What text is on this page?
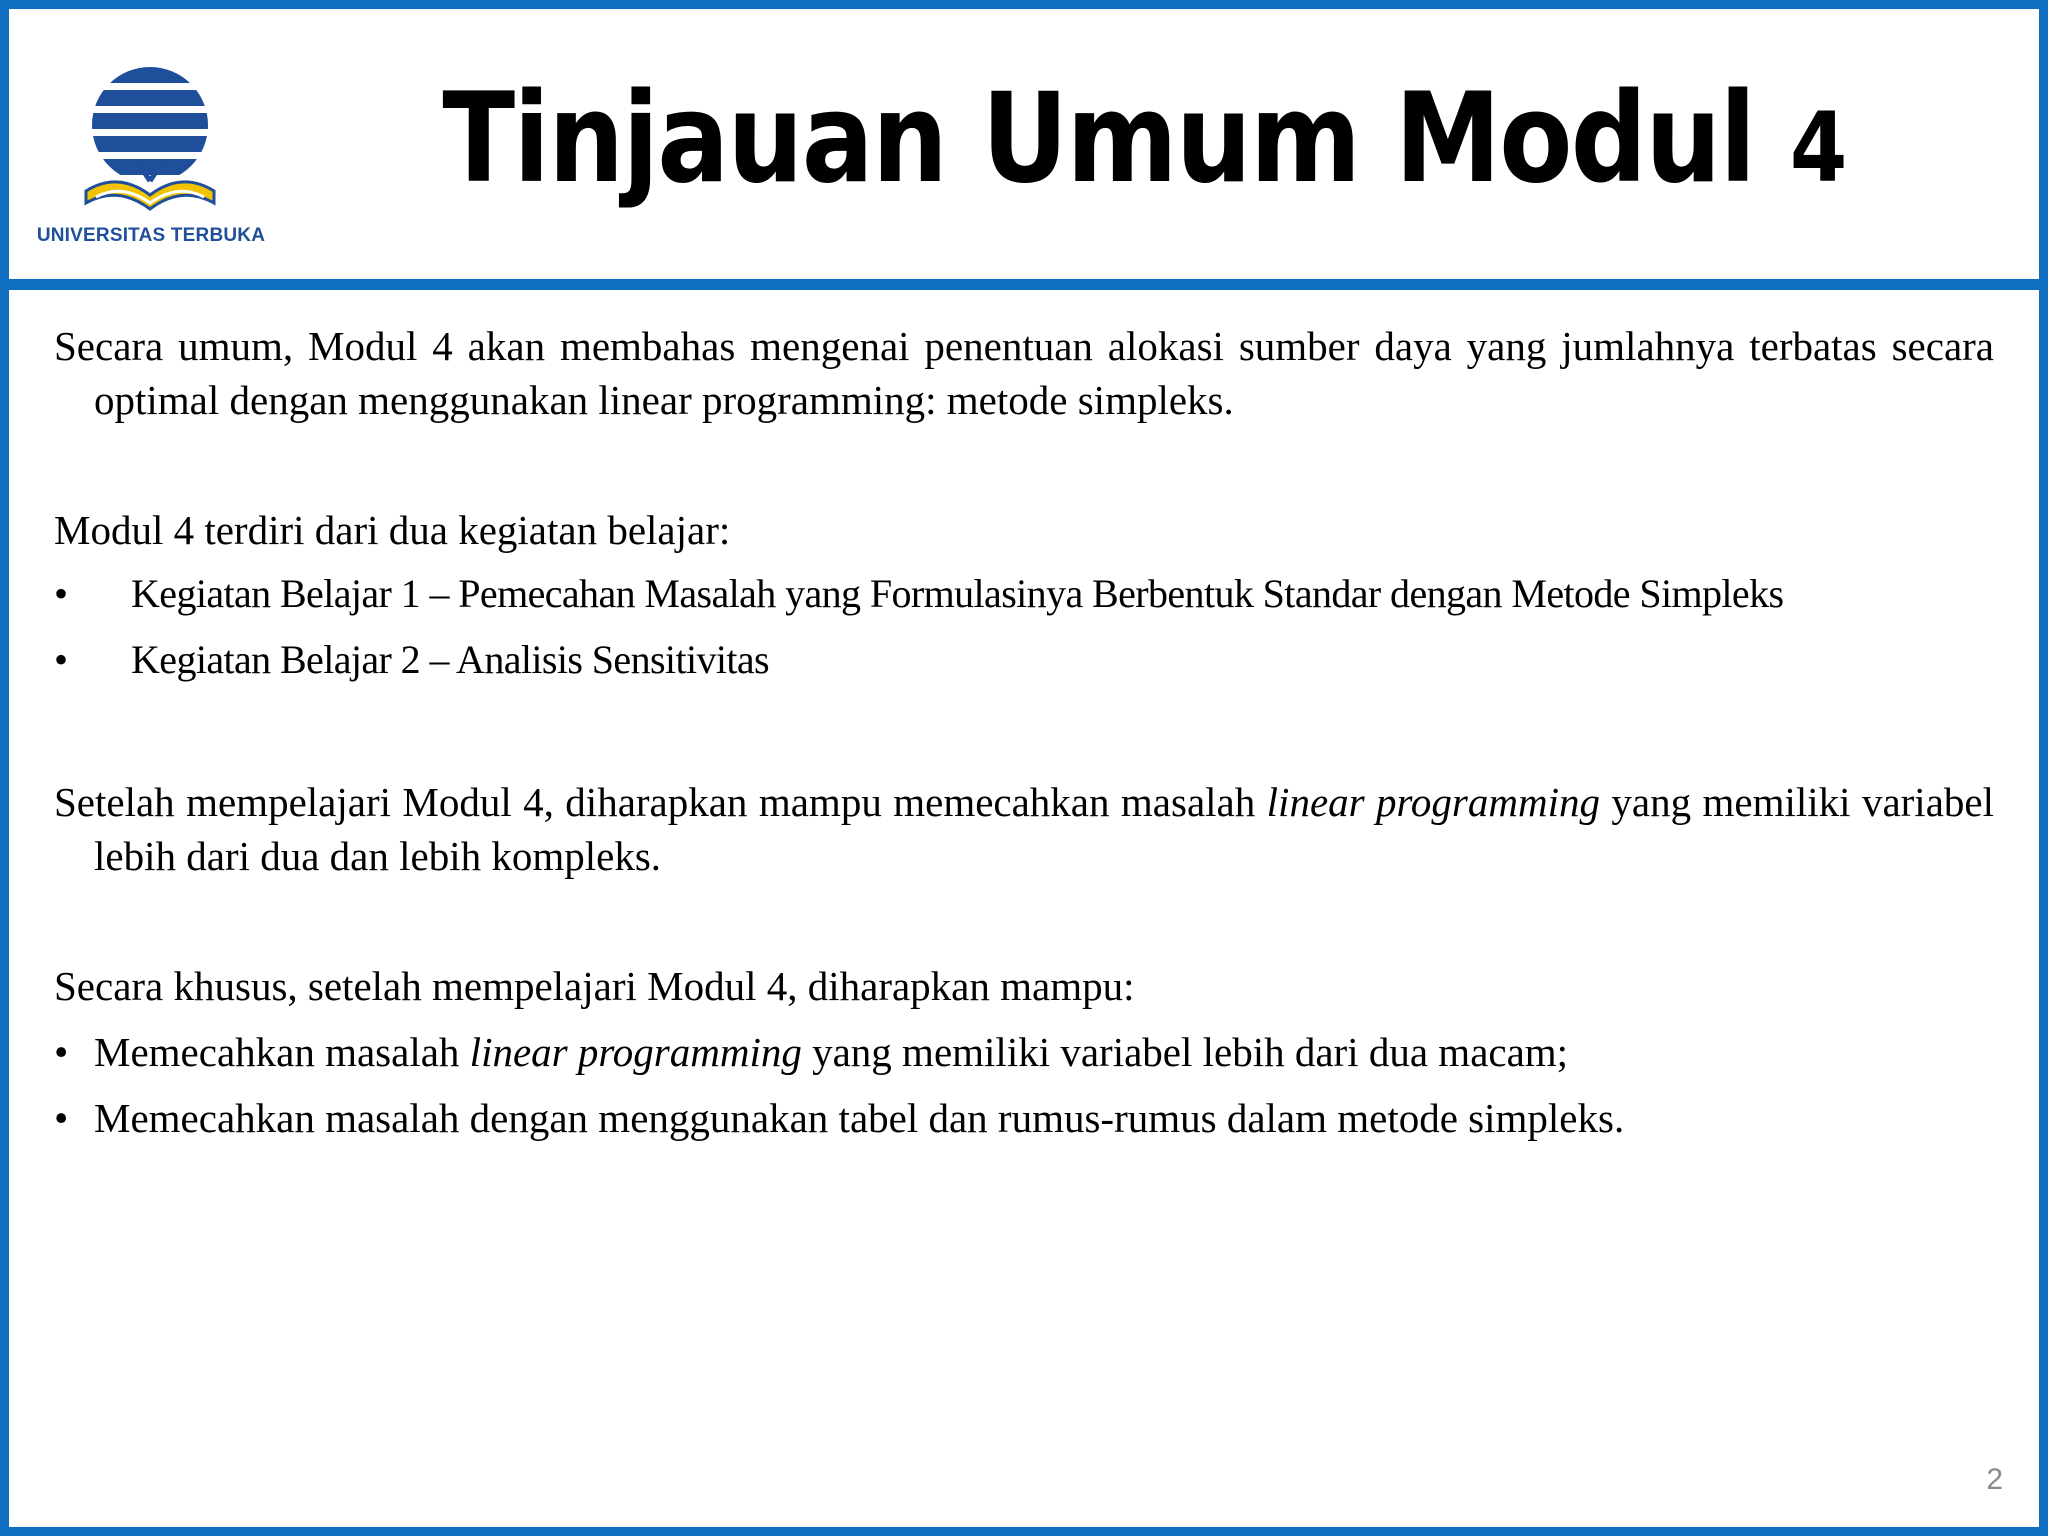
UNIVERSITAS TERBUKA
Tinjauan Umum Modul 4

Secara umum, Modul 4 akan membahas mengenai penentuan alokasi sumber daya yang jumlahnya terbatas secara optimal dengan menggunakan linear programming: metode simpleks.

Modul 4 terdiri dari dua kegiatan belajar:

• Kegiatan Belajar 1 – Pemecahan Masalah yang Formulasinya Berbentuk Standar dengan Metode Simpleks
• Kegiatan Belajar 2 – Analisis Sensitivitas

Setelah mempelajari Modul 4, diharapkan mampu memecahkan masalah linear programming yang memiliki variabel lebih dari dua dan lebih kompleks.

Secara khusus, setelah mempelajari Modul 4, diharapkan mampu:

• Memecahkan masalah linear programming yang memiliki variabel lebih dari dua macam;
• Memecahkan masalah dengan menggunakan tabel dan rumus-rumus dalam metode simpleks.
2
